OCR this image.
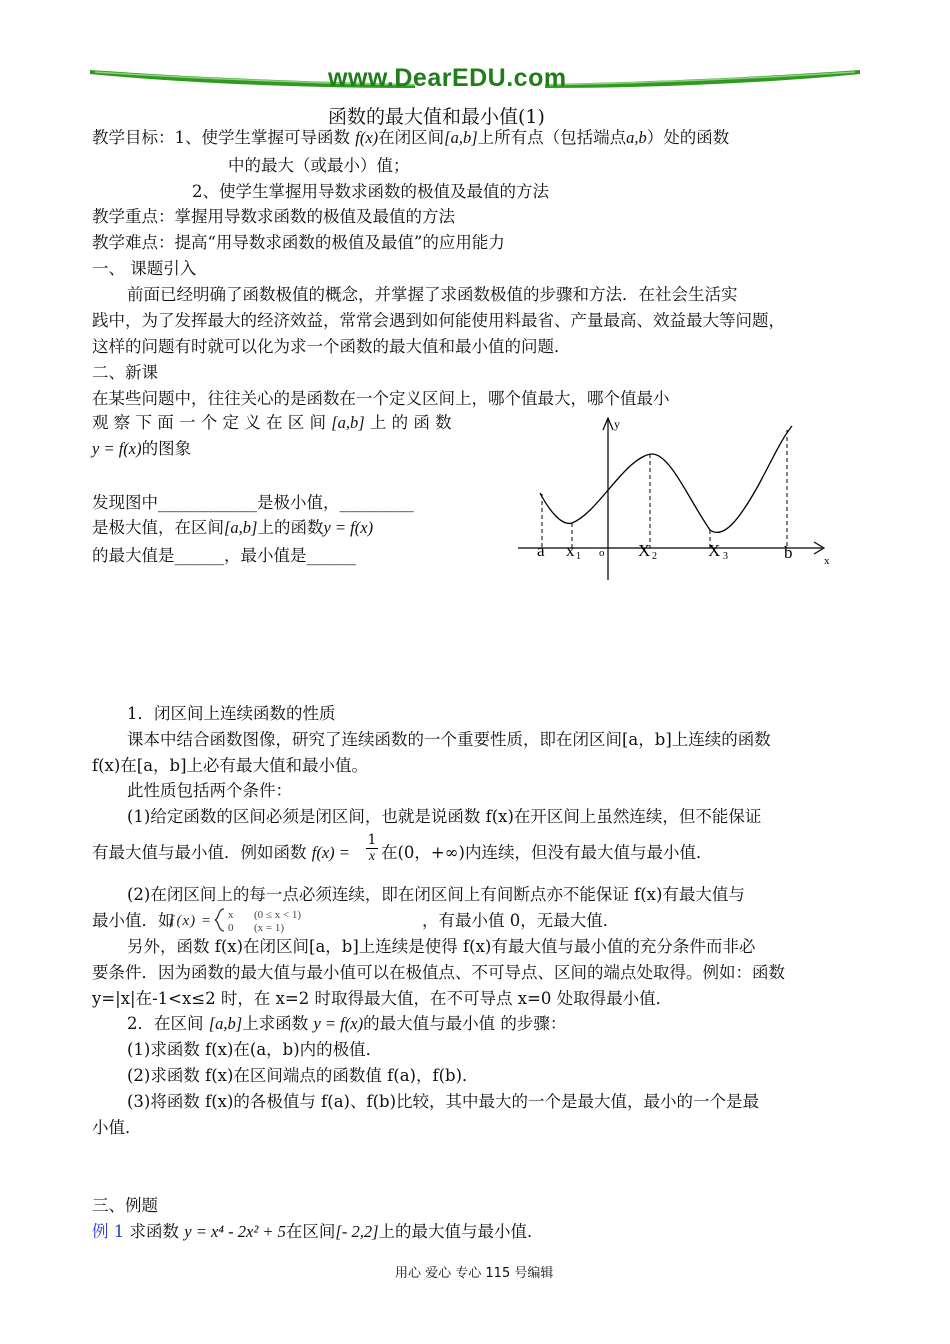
www.DearEDU.com
函数的最大值和最小值(1)
教学目标：1、使学生掌握可导函数 f(x)在闭区间[a,b]上所有点（包括端点a,b）处的函数
中的最大（或最小）值；
2、使学生掌握用导数求函数的极值及最值的方法
教学重点：掌握用导数求函数的极值及最值的方法
教学难点：提高“用导数求函数的极值及最值”的应用能力
一、 课题引入
前面已经明确了函数极值的概念，并掌握了求函数极值的步骤和方法．在社会生活实
践中，为了发挥最大的经济效益，常常会遇到如何能使用料最省、产量最高、效益最大等问题，
这样的问题有时就可以化为求一个函数的最大值和最小值的问题．
二、新课
在某些问题中，往往关心的是函数在一个定义区间上，哪个值最大，哪个值最小
观 察 下 面 一 个 定 义 在 区 间 [a,b] 上 的 函 数
y = f(x)的图象
发现图中____________是极小值，_________
是极大值，在区间[a,b]上的函数y = f(x)
的最大值是______，最小值是______
y
x
a x 1 o X 2	X 3	b
1．闭区间上连续函数的性质
课本中结合函数图像，研究了连续函数的一个重要性质，即在闭区间[a，b]上连续的函数
f(x)在[a，b]上必有最大值和最小值。
此性质包括两个条件：
(1)给定函数的区间必须是闭区间，也就是说函数 f(x)在开区间上虽然连续，但不能保证
有最大值与最小值．例如函数 $f(x) = \frac{1}{x}$ 在(0，+∞)内连续，但没有最大值与最小值．
(2)在闭区间上的每一点必须连续，即在闭区间上有间断点亦不能保证 f(x)有最大值与
最小值．如
ƒ(x) = x
0
(0 ≤ x < 1)
(x = 1)	，有最小值 0，无最大值．
另外，函数 f(x)在闭区间[a，b]上连续是使得 f(x)有最大值与最小值的充分条件而非必
要条件．因为函数的最大值与最小值可以在极值点、不可导点、区间的端点处取得。例如：函数
y=|x|在-1<x≤2 时，在 x=2 时取得最大值，在不可导点 x=0 处取得最小值．
2．在区间 [a,b]上求函数 y = f(x)的最大值与最小值 的步骤：
(1)求函数 f(x)在(a，b)内的极值．
(2)求函数 f(x)在区间端点的函数值 f(a)，f(b)．
(3)将函数 f(x)的各极值与 f(a)、f(b)比较，其中最大的一个是最大值，最小的一个是最
小值．
三、例题
例 1 求函数 y = x⁴ - 2x² + 5在区间[- 2,2]上的最大值与最小值．
用心 爱心 专心 115 号编辑
